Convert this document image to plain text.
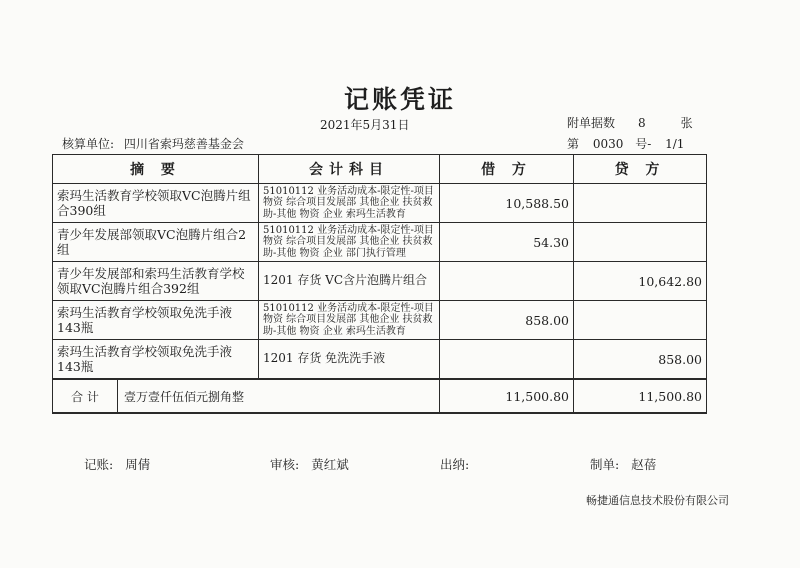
记账凭证
2021年5月31日	附单据数 8	张
核算单位: 四川省索玛慈善基金会	第 0030 号- 1/1
摘 要	会计科目	借 方	贷 方
索玛生活教育学校领取VC泡腾片组合390组	51010112 业务活动成本-限定性-项目物资 综合项目发展部 其他企业 扶贫救助-其他 物资 企业 索玛生活教育	10,588.50	
青少年发展部领取VC泡腾片组合2组	51010112 业务活动成本-限定性-项目物资 综合项目发展部 其他企业 扶贫救助-其他 物资 企业 部门执行管理	54.30	
青少年发展部和索玛生活教育学校领取VC泡腾片组合392组	1201 存货 VC含片泡腾片组合		10,642.80
索玛生活教育学校领取免洗手液143瓶	51010112 业务活动成本-限定性-项目物资 综合项目发展部 其他企业 扶贫救助-其他 物资 企业 索玛生活教育	858.00	
索玛生活教育学校领取免洗手液143瓶	1201 存货 免洗洗手液		858.00

合 计 壹万壹仟伍佰元捌角整		11,500.80	11,500.80
记账: 周倩	审核: 黄红斌	出纳:	制单: 赵蓓
畅捷通信息技术股份有限公司
